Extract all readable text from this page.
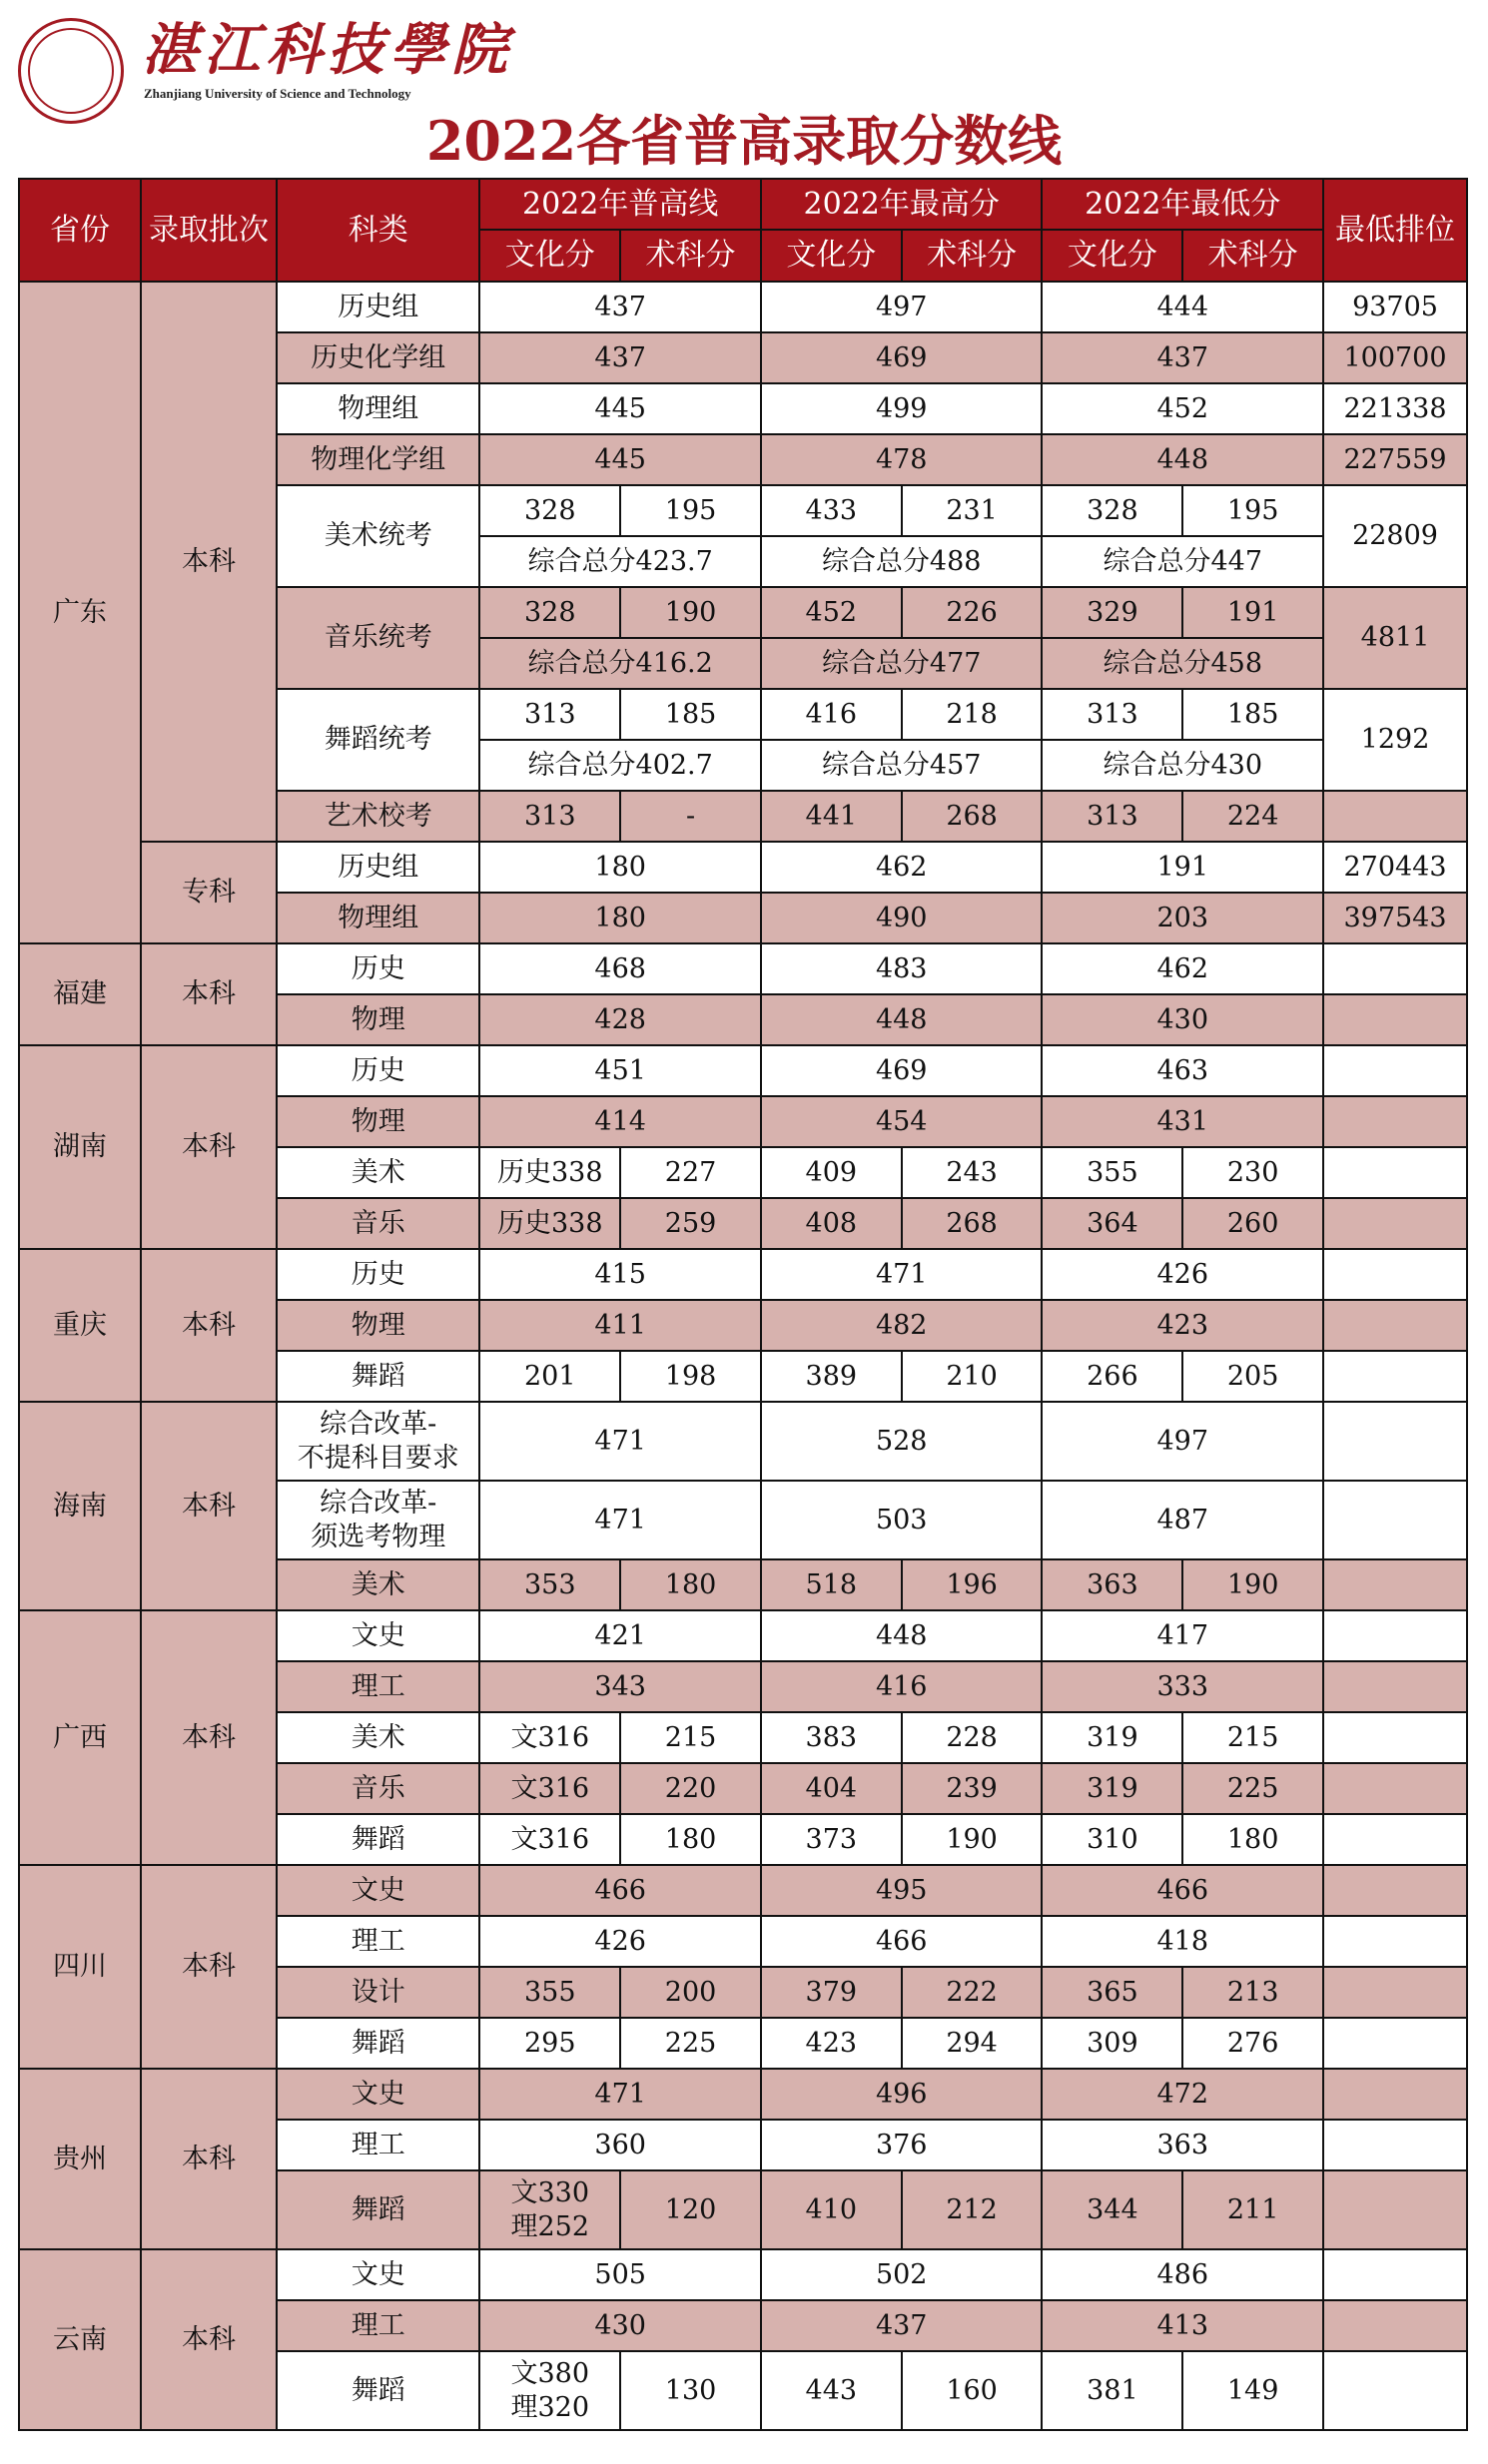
湛江科技學院
Zhanjiang University of Science and Technology
2022各省普高录取分数线
省份	录取批次	科类	2022年普高线		2022年最高分		2022年最低分		最低排位
			文化分	术科分	文化分	术科分	文化分	术科分	
广东	本科	历史组	437		497		444		93705
		历史化学组	437		469		437		100700
		物理组	445		499		452		221338
		物理化学组	445		478		448		227559
		美术统考	328	195	433	231	328	195	22809
			综合总分423.7		综合总分488		综合总分447		
		音乐统考	328	190	452	226	329	191	4811
			综合总分416.2		综合总分477		综合总分458		
		舞蹈统考	313	185	416	218	313	185	1292
			综合总分402.7		综合总分457		综合总分430		
		艺术校考	313	-	441	268	313	224	
	专科	历史组	180		462		191		270443
		物理组	180		490		203		397543
福建	本科	历史	468		483		462		
		物理	428		448		430		
湖南	本科	历史	451		469		463		
		物理	414		454		431		
		美术	历史338	227	409	243	355	230	
		音乐	历史338	259	408	268	364	260	
重庆	本科	历史	415		471		426		
		物理	411		482		423		
		舞蹈	201	198	389	210	266	205	
海南	本科	综合改革-
不提科目要求	471		528		497		
		综合改革-
须选考物理	471		503		487		
		美术	353	180	518	196	363	190	
广西	本科	文史	421		448		417		
		理工	343		416		333		
		美术	文316	215	383	228	319	215	
		音乐	文316	220	404	239	319	225	
		舞蹈	文316	180	373	190	310	180	
四川	本科	文史	466		495		466		
		理工	426		466		418		
		设计	355	200	379	222	365	213	
		舞蹈	295	225	423	294	309	276	
贵州	本科	文史	471		496		472		
		理工	360		376		363		
		舞蹈	文330
理252	120	410	212	344	211	
云南	本科	文史	505		502		486		
		理工	430		437		413		
		舞蹈	文380
理320	130	443	160	381	149	
